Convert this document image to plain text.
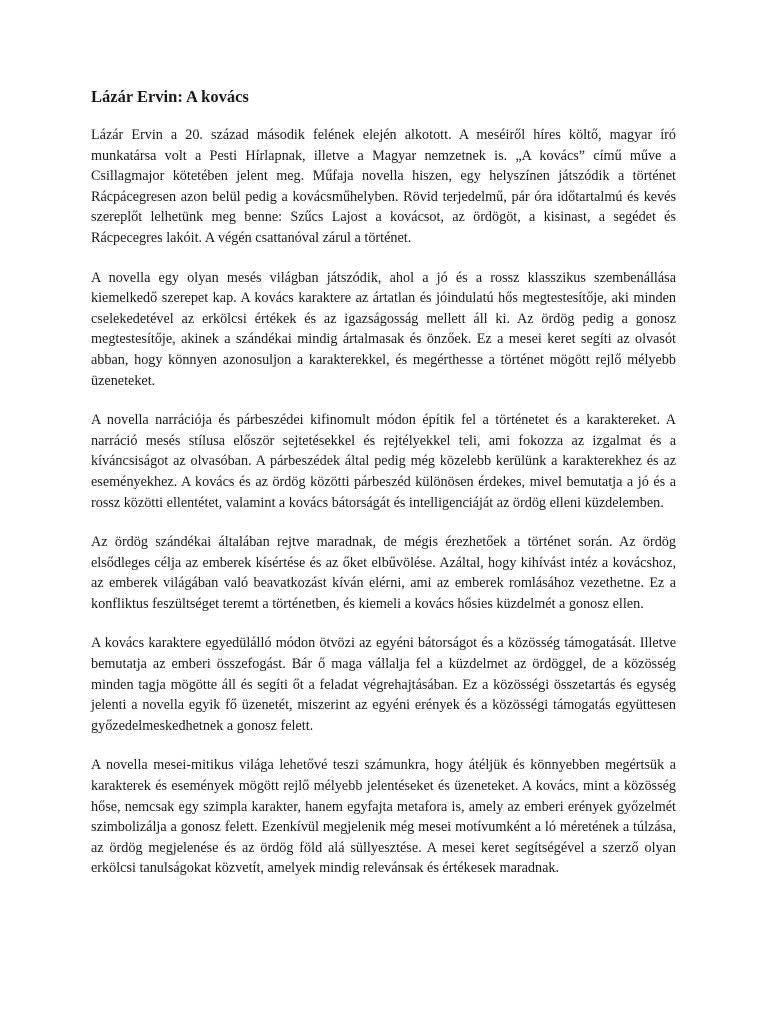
Lázár Ervin: A kovács

Lázár Ervin a 20. század második felének elején alkotott. A meséiről híres költő, magyar író munkatársa volt a Pesti Hírlapnak, illetve a Magyar nemzetnek is. „A kovács” című műve a Csillagmajor kötetében jelent meg. Műfaja novella hiszen, egy helyszínen játszódik a történet Rácpácegresen azon belül pedig a kovácsműhelyben. Rövid terjedelmű, pár óra időtartalmú és kevés szereplőt lelhetünk meg benne: Szűcs Lajost a kovácsot, az ördögöt, a kisinast, a segédet és Rácpecegres lakóit. A végén csattanóval zárul a történet.

A novella egy olyan mesés világban játszódik, ahol a jó és a rossz klasszikus szembenállása kiemelkedő szerepet kap. A kovács karaktere az ártatlan és jóindulatú hős megtestesítője, aki minden cselekedetével az erkölcsi értékek és az igazságosság mellett áll ki. Az ördög pedig a gonosz megtestesítője, akinek a szándékai mindig ártalmasak és önzőek. Ez a mesei keret segíti az olvasót abban, hogy könnyen azonosuljon a karakterekkel, és megérthesse a történet mögött rejlő mélyebb üzeneteket.

A novella narrációja és párbeszédei kifinomult módon építik fel a történetet és a karaktereket. A narráció mesés stílusa először sejtetésekkel és rejtélyekkel teli, ami fokozza az izgalmat és a kíváncsiságot az olvasóban. A párbeszédek által pedig még közelebb kerülünk a karakterekhez és az eseményekhez. A kovács és az ördög közötti párbeszéd különösen érdekes, mivel bemutatja a jó és a rossz közötti ellentétet, valamint a kovács bátorságát és intelligenciáját az ördög elleni küzdelemben.

Az ördög szándékai általában rejtve maradnak, de mégis érezhetőek a történet során. Az ördög elsődleges célja az emberek kísértése és az őket elbűvölése. Azáltal, hogy kihívást intéz a kovácshoz, az emberek világában való beavatkozást kíván elérni, ami az emberek romlásához vezethetne. Ez a konfliktus feszültséget teremt a történetben, és kiemeli a kovács hősies küzdelmét a gonosz ellen.

A kovács karaktere egyedülálló módon ötvözi az egyéni bátorságot és a közösség támogatását. Illetve bemutatja az emberi összefogást. Bár ő maga vállalja fel a küzdelmet az ördöggel, de a közösség minden tagja mögötte áll és segíti őt a feladat végrehajtásában. Ez a közösségi összetartás és egység jelenti a novella egyik fő üzenetét, miszerint az egyéni erények és a közösségi támogatás együttesen győzedelmeskedhetnek a gonosz felett.

A novella mesei-mitikus világa lehetővé teszi számunkra, hogy átéljük és könnyebben megértsük a karakterek és események mögött rejlő mélyebb jelentéseket és üzeneteket. A kovács, mint a közösség hőse, nemcsak egy szimpla karakter, hanem egyfajta metafora is, amely az emberi erények győzelmét szimbolizálja a gonosz felett. Ezenkívül megjelenik még mesei motívumként a ló méretének a túlzása, az ördög megjelenése és az ördög föld alá süllyesztése. A mesei keret segítségével a szerző olyan erkölcsi tanulságokat közvetít, amelyek mindig relevánsak és értékesek maradnak.
